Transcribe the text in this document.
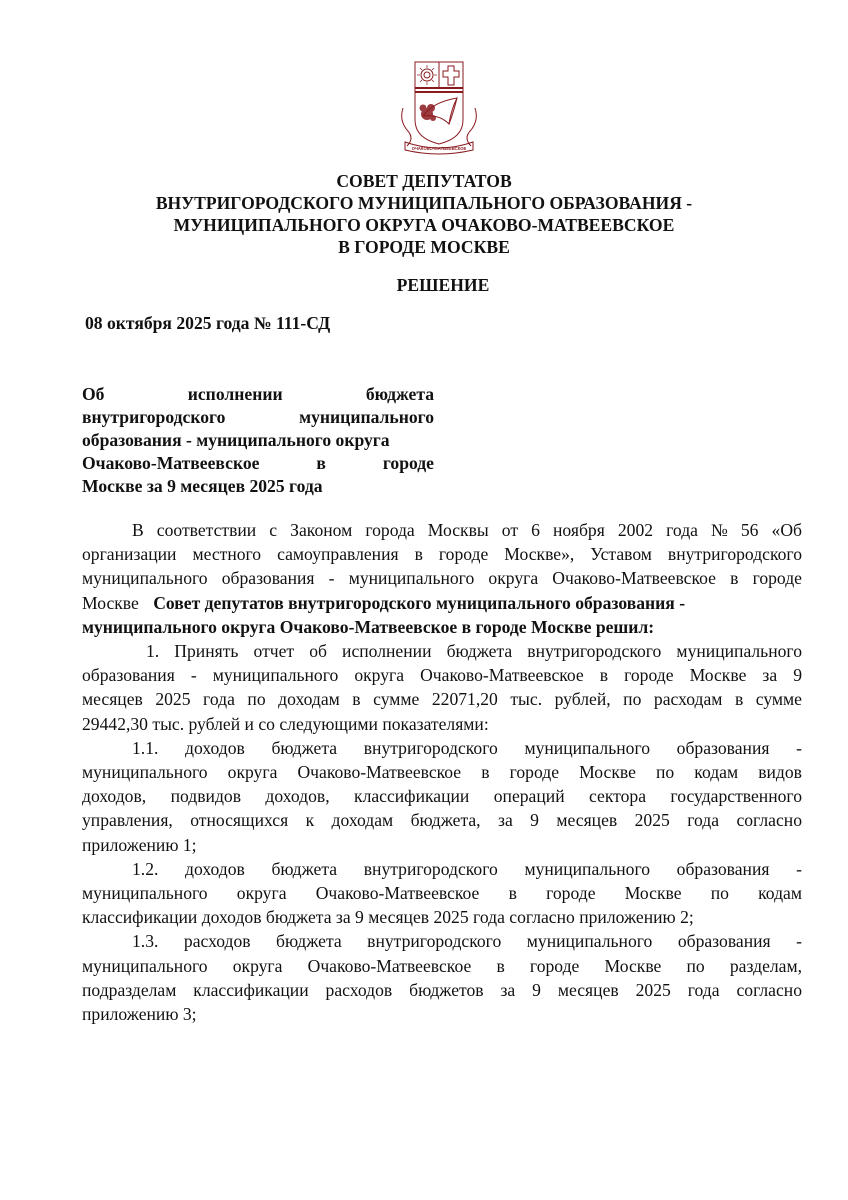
ОЧАКОВО-МАТВЕЕВСКОЕ
СОВЕТ ДЕПУТАТОВ
ВНУТРИГОРОДСКОГО МУНИЦИПАЛЬНОГО ОБРАЗОВАНИЯ -
МУНИЦИПАЛЬНОГО ОКРУГА ОЧАКОВО-МАТВЕЕВСКОЕ
В ГОРОДЕ МОСКВЕ
РЕШЕНИЕ
08 октября 2025 года № 111-СД
Об	исполнении	бюджета
внутригородского	муниципального
образования - муниципального округа
Очаково-Матвеевское	в	городе
Москве за 9 месяцев 2025 года
В соответствии с Законом города Москвы от 6 ноября 2002 года № 56 «Об
организации местного самоуправления в городе Москве», Уставом внутригородского
муниципального образования - муниципального округа Очаково-Матвеевское в городе
Москве Совет депутатов внутригородского муниципального образования -
муниципального округа Очаково-Матвеевское в городе Москве решил:
1. Принять отчет об исполнении бюджета внутригородского муниципального
образования - муниципального округа Очаково-Матвеевское в городе Москве за 9
месяцев 2025 года по доходам в сумме 22071,20 тыс. рублей, по расходам в сумме
29442,30 тыс. рублей и со следующими показателями:
1.1. доходов бюджета внутригородского муниципального образования -
муниципального округа Очаково-Матвеевское в городе Москве по кодам видов
доходов, подвидов доходов, классификации операций сектора государственного
управления, относящихся к доходам бюджета, за 9 месяцев 2025 года согласно
приложению 1;
1.2. доходов бюджета внутригородского муниципального образования -
муниципального округа Очаково-Матвеевское в городе Москве по кодам
классификации доходов бюджета за 9 месяцев 2025 года согласно приложению 2;
1.3. расходов бюджета внутригородского муниципального образования -
муниципального округа Очаково-Матвеевское в городе Москве по разделам,
подразделам классификации расходов бюджетов за 9 месяцев 2025 года согласно
приложению 3;
